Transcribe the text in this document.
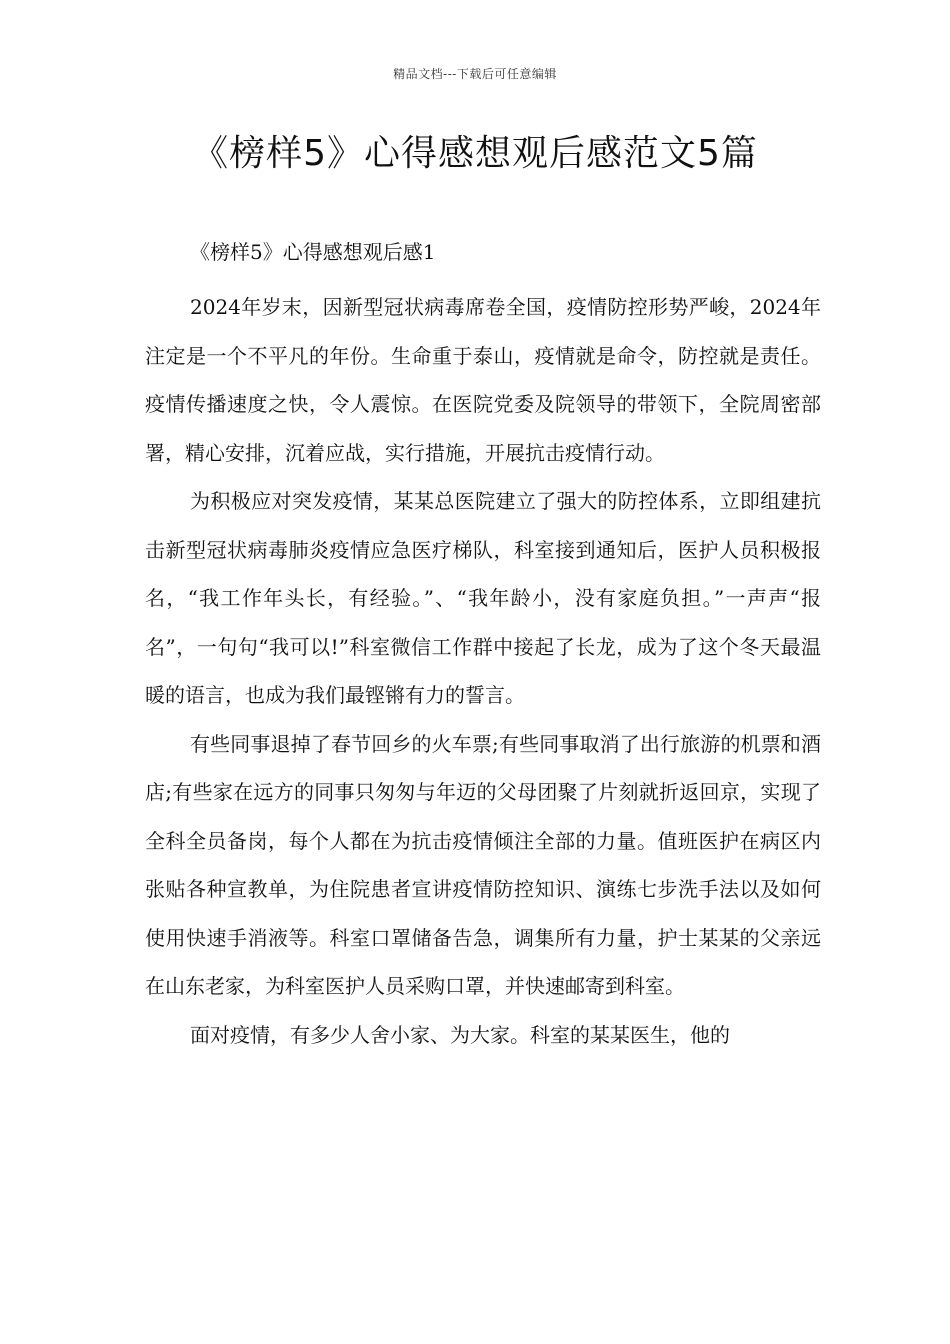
精品文档---下载后可任意编辑
《榜样5》心得感想观后感范文5篇
《榜样5》心得感想观后感1

2024年岁末，因新型冠状病毒席卷全国，疫情防控形势严峻，2024年注定是一个不平凡的年份。生命重于泰山，疫情就是命令，防控就是责任。疫情传播速度之快，令人震惊。在医院党委及院领导的带领下，全院周密部署，精心安排，沉着应战，实行措施，开展抗击疫情行动。

为积极应对突发疫情，某某总医院建立了强大的防控体系，立即组建抗击新型冠状病毒肺炎疫情应急医疗梯队，科室接到通知后，医护人员积极报名，“我工作年头长，有经验。”、“我年龄小，没有家庭负担。”一声声“报名”，一句句“我可以!”科室微信工作群中接起了长龙，成为了这个冬天最温暖的语言，也成为我们最铿锵有力的誓言。

有些同事退掉了春节回乡的火车票;有些同事取消了出行旅游的机票和酒店;有些家在远方的同事只匆匆与年迈的父母团聚了片刻就折返回京，实现了全科全员备岗，每个人都在为抗击疫情倾注全部的力量。值班医护在病区内张贴各种宣教单，为住院患者宣讲疫情防控知识、演练七步洗手法以及如何使用快速手消液等。科室口罩储备告急，调集所有力量，护士某某的父亲远在山东老家，为科室医护人员采购口罩，并快速邮寄到科室。

面对疫情，有多少人舍小家、为大家。科室的某某医生，他的
